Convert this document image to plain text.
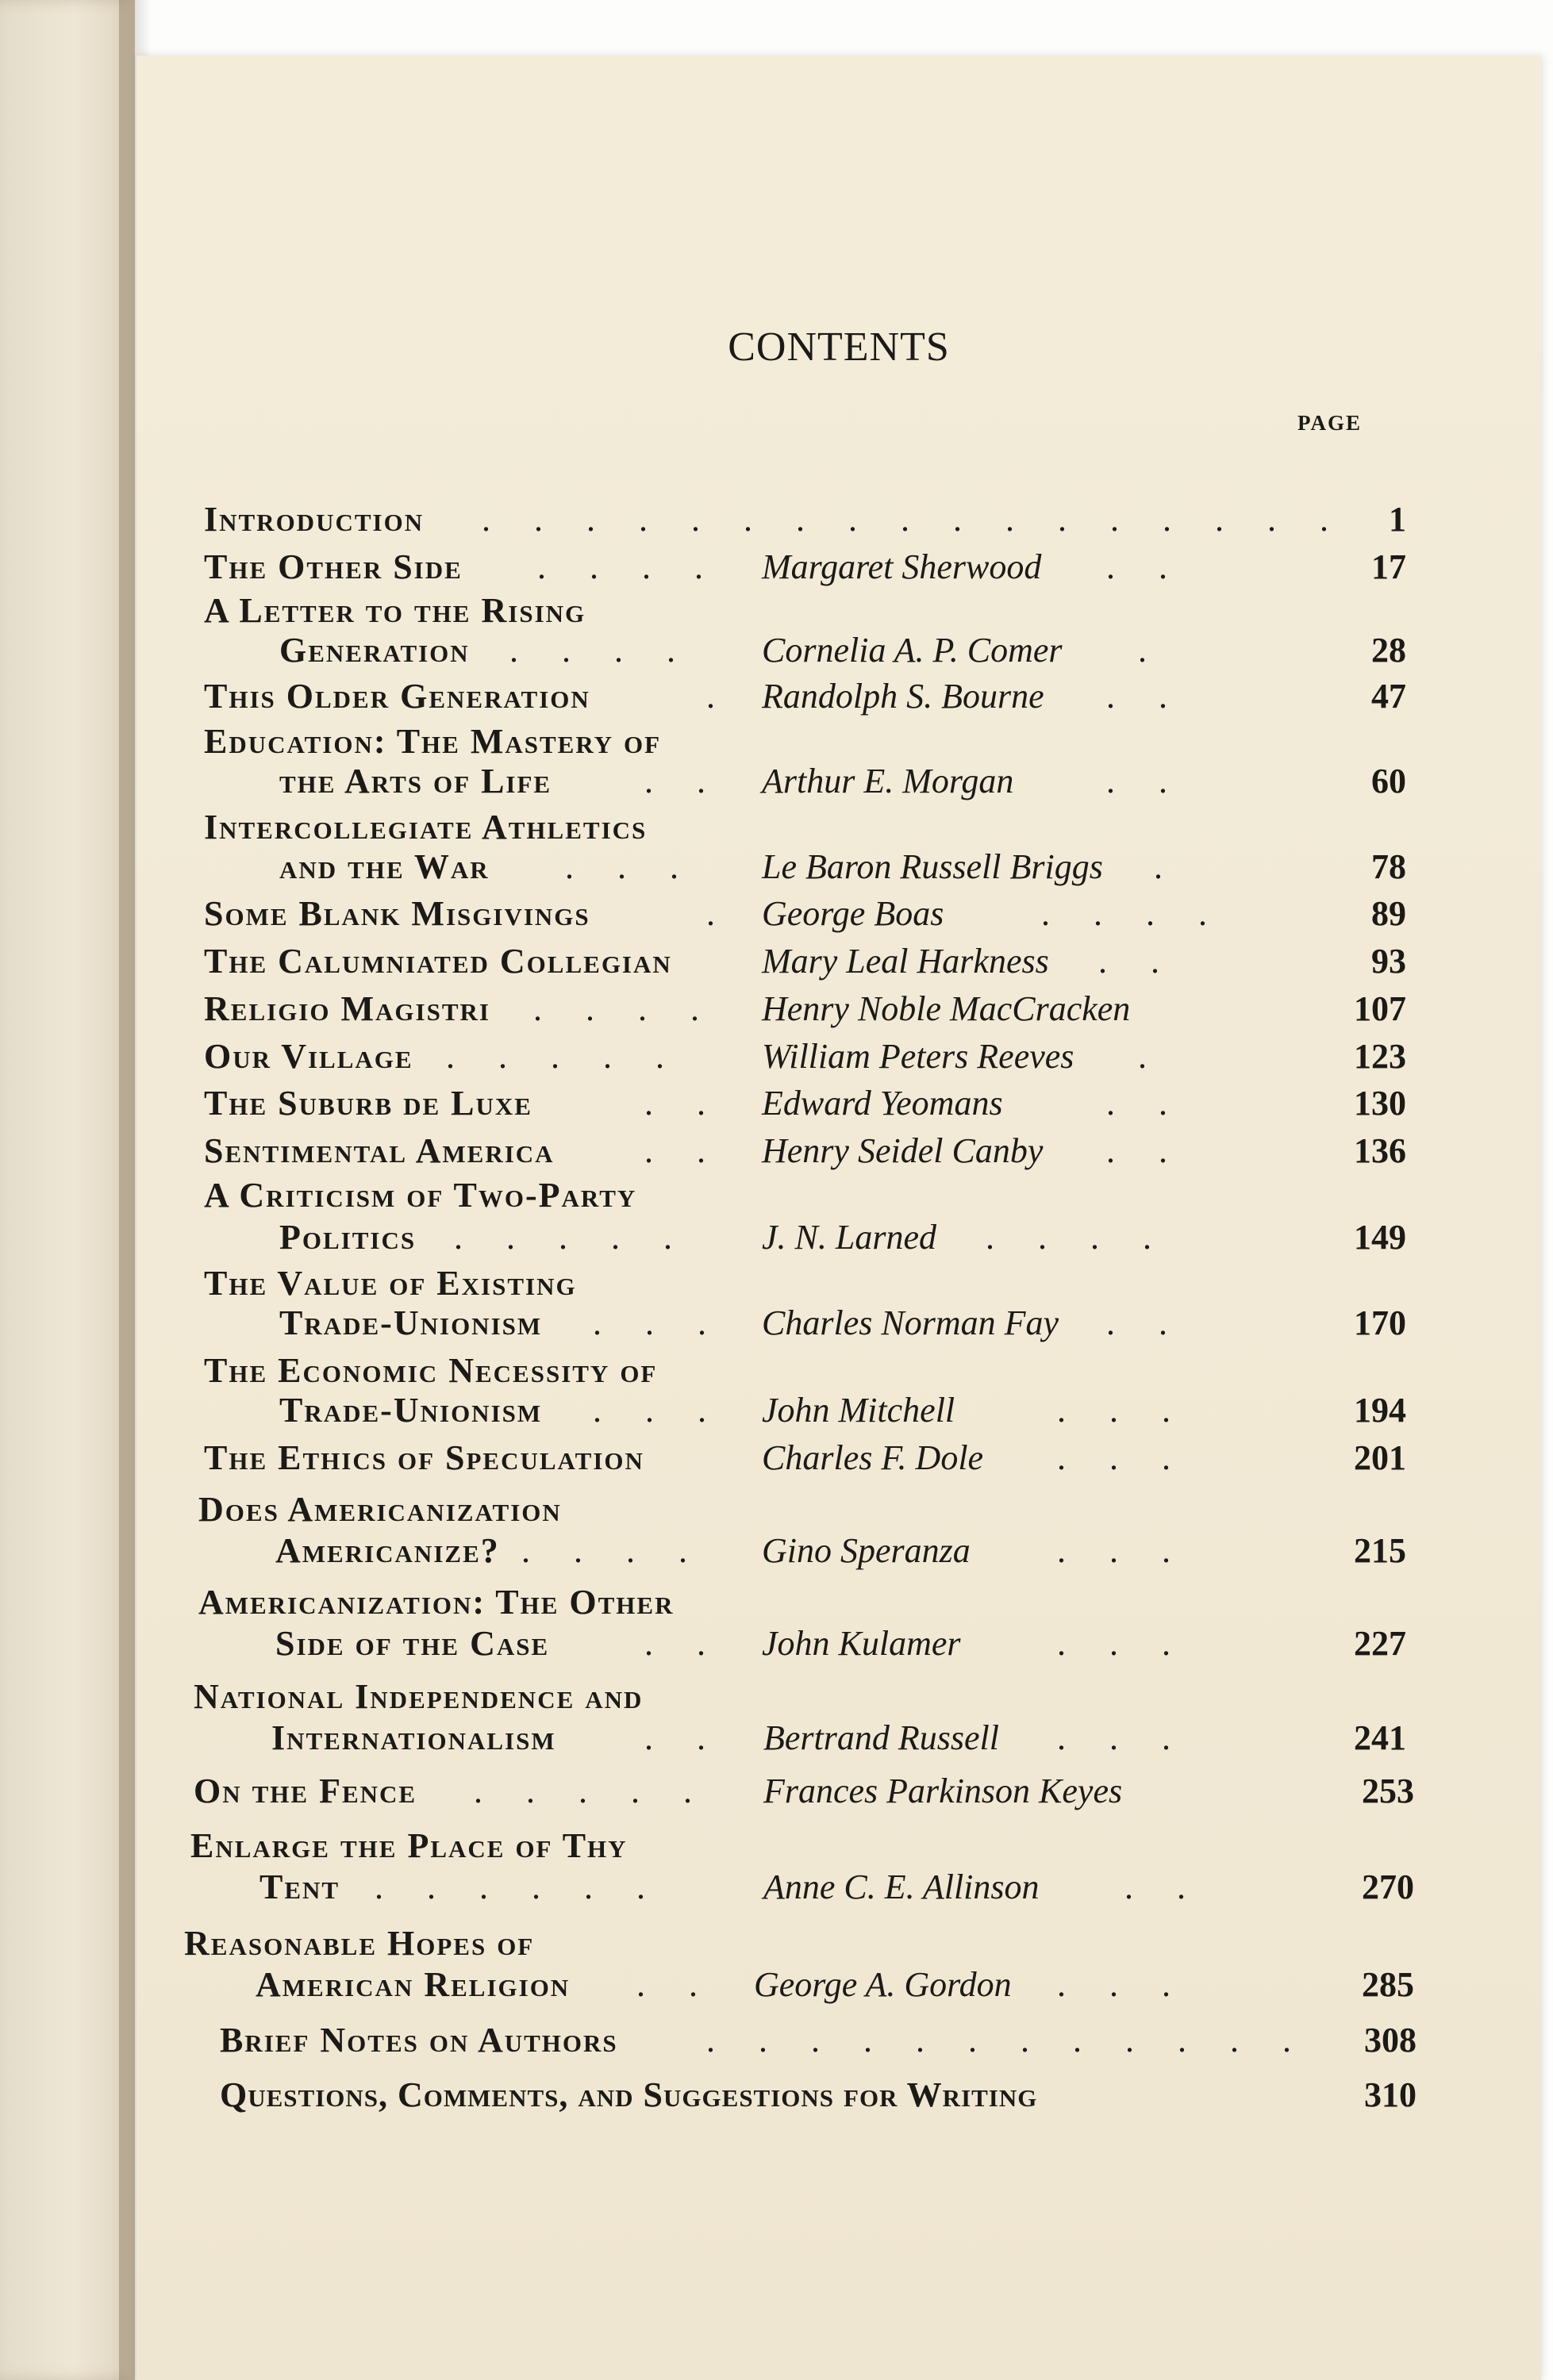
CONTENTS
PAGE
Introduction . . . . . . . . . . . . . . . . .	1
The Other Side . . . . Margaret Sherwood . .	17
A Letter to the Rising
Generation . . . . Cornelia A. P. Comer .	28
This Older Generation	. Randolph S. Bourne . .	47
Education: The Mastery of
the Arts of Life	. . Arthur E. Morgan	. .	60
Intercollegiate Athletics
and the War . . . Le Baron Russell Briggs .	78
Some Blank Misgivings	. George Boas	. . . .	89
The Calumniated Collegian	Mary Leal Harkness . .	93
Religio Magistri . . . . Henry Noble MacCracken	107
Our Village . . . . . William Peters Reeves .	123
The Suburb de Luxe	. . Edward Yeomans	. .	130
Sentimental America	. . Henry Seidel Canby . .	136
A Criticism of Two-Party
Politics . . . . . J. N. Larned . . . .	149
The Value of Existing
Trade-Unionism . . . Charles Norman Fay . .	170
The Economic Necessity of
Trade-Unionism . . . John Mitchell	. . .	194
The Ethics of Speculation	Charles F. Dole . . .	201
Does Americanization
Americanize? . . . . Gino Speranza . . .	215
Americanization: The Other
Side of the Case	. . John Kulamer	. . .	227
National Independence and
Internationalism	. . Bertrand Russell . . .	241
On the Fence . . . . . Frances Parkinson Keyes	253
Enlarge the Place of Thy
Tent . . . . . .	Anne C. E. Allinson . .	270
Reasonable Hopes of
American Religion . . George A. Gordon . . .	285
Brief Notes on Authors	. . . . . . . . . . . .	308
Questions, Comments, and Suggestions for Writing	310
